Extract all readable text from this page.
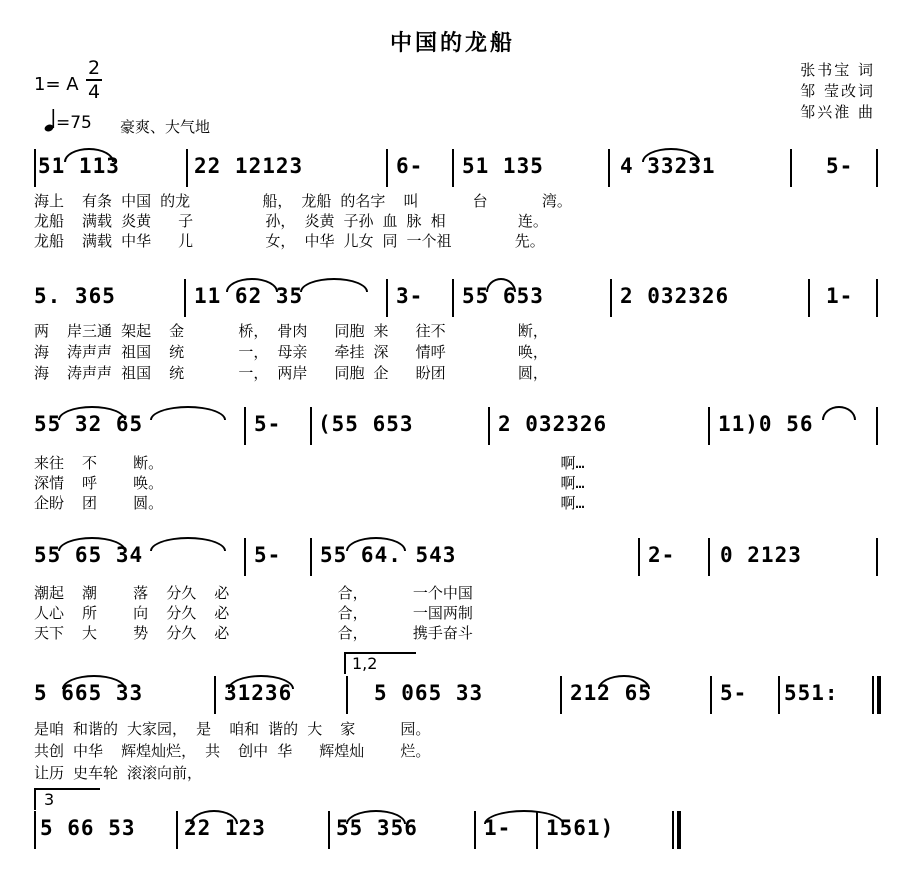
中国的龙船
1= A
2
4
=75 豪爽、大气地
张书宝 词
邹 莹改词
邹兴淮 曲
51 113	22 12123	6- 51 135	4 33231	5-
海上  有条 中国 的龙        船， 龙船 的名字  叫      台      湾。
龙船  满载 炎黄   子        孙， 炎黄 子孙 血 脉 相        连。
龙船  满载 中华   儿        女， 中华 儿女 同 一个祖       先。
5. 365	11 62 35	3- 55 653	2 032326	1-
两  岸三通 架起  金      桥， 骨肉   同胞 来   往不        断，
海  涛声声 祖国  统      一， 母亲   牵挂 深   情呼        唤，
海  涛声声 祖国  统      一， 两岸   同胞 企   盼团        圆，
55 32 65	5- (55 653	2 032326	11)0 56
来往  不    断。                                            啊…
深情  呼    唤。                                            啊…
企盼  团    圆。                                            啊…
55 65 34	5- 55 64. 543	2- 0 2123
潮起  潮    落  分久  必            合，     一个中国
人心  所    向  分久  必            合，     一国两制
天下  大    势  分久  必            合，     携手奋斗
1,2
5 665 33	31236	5 065 33	212 65	5- 551:
是咱 和谐的 大家园， 是  咱和 谐的 大  家     园。
共创 中华  辉煌灿烂， 共  创中 华   辉煌灿    烂。
让历 史车轮 滚滚向前，
3
5 66 53 22 123	55 356	1- 1561)
